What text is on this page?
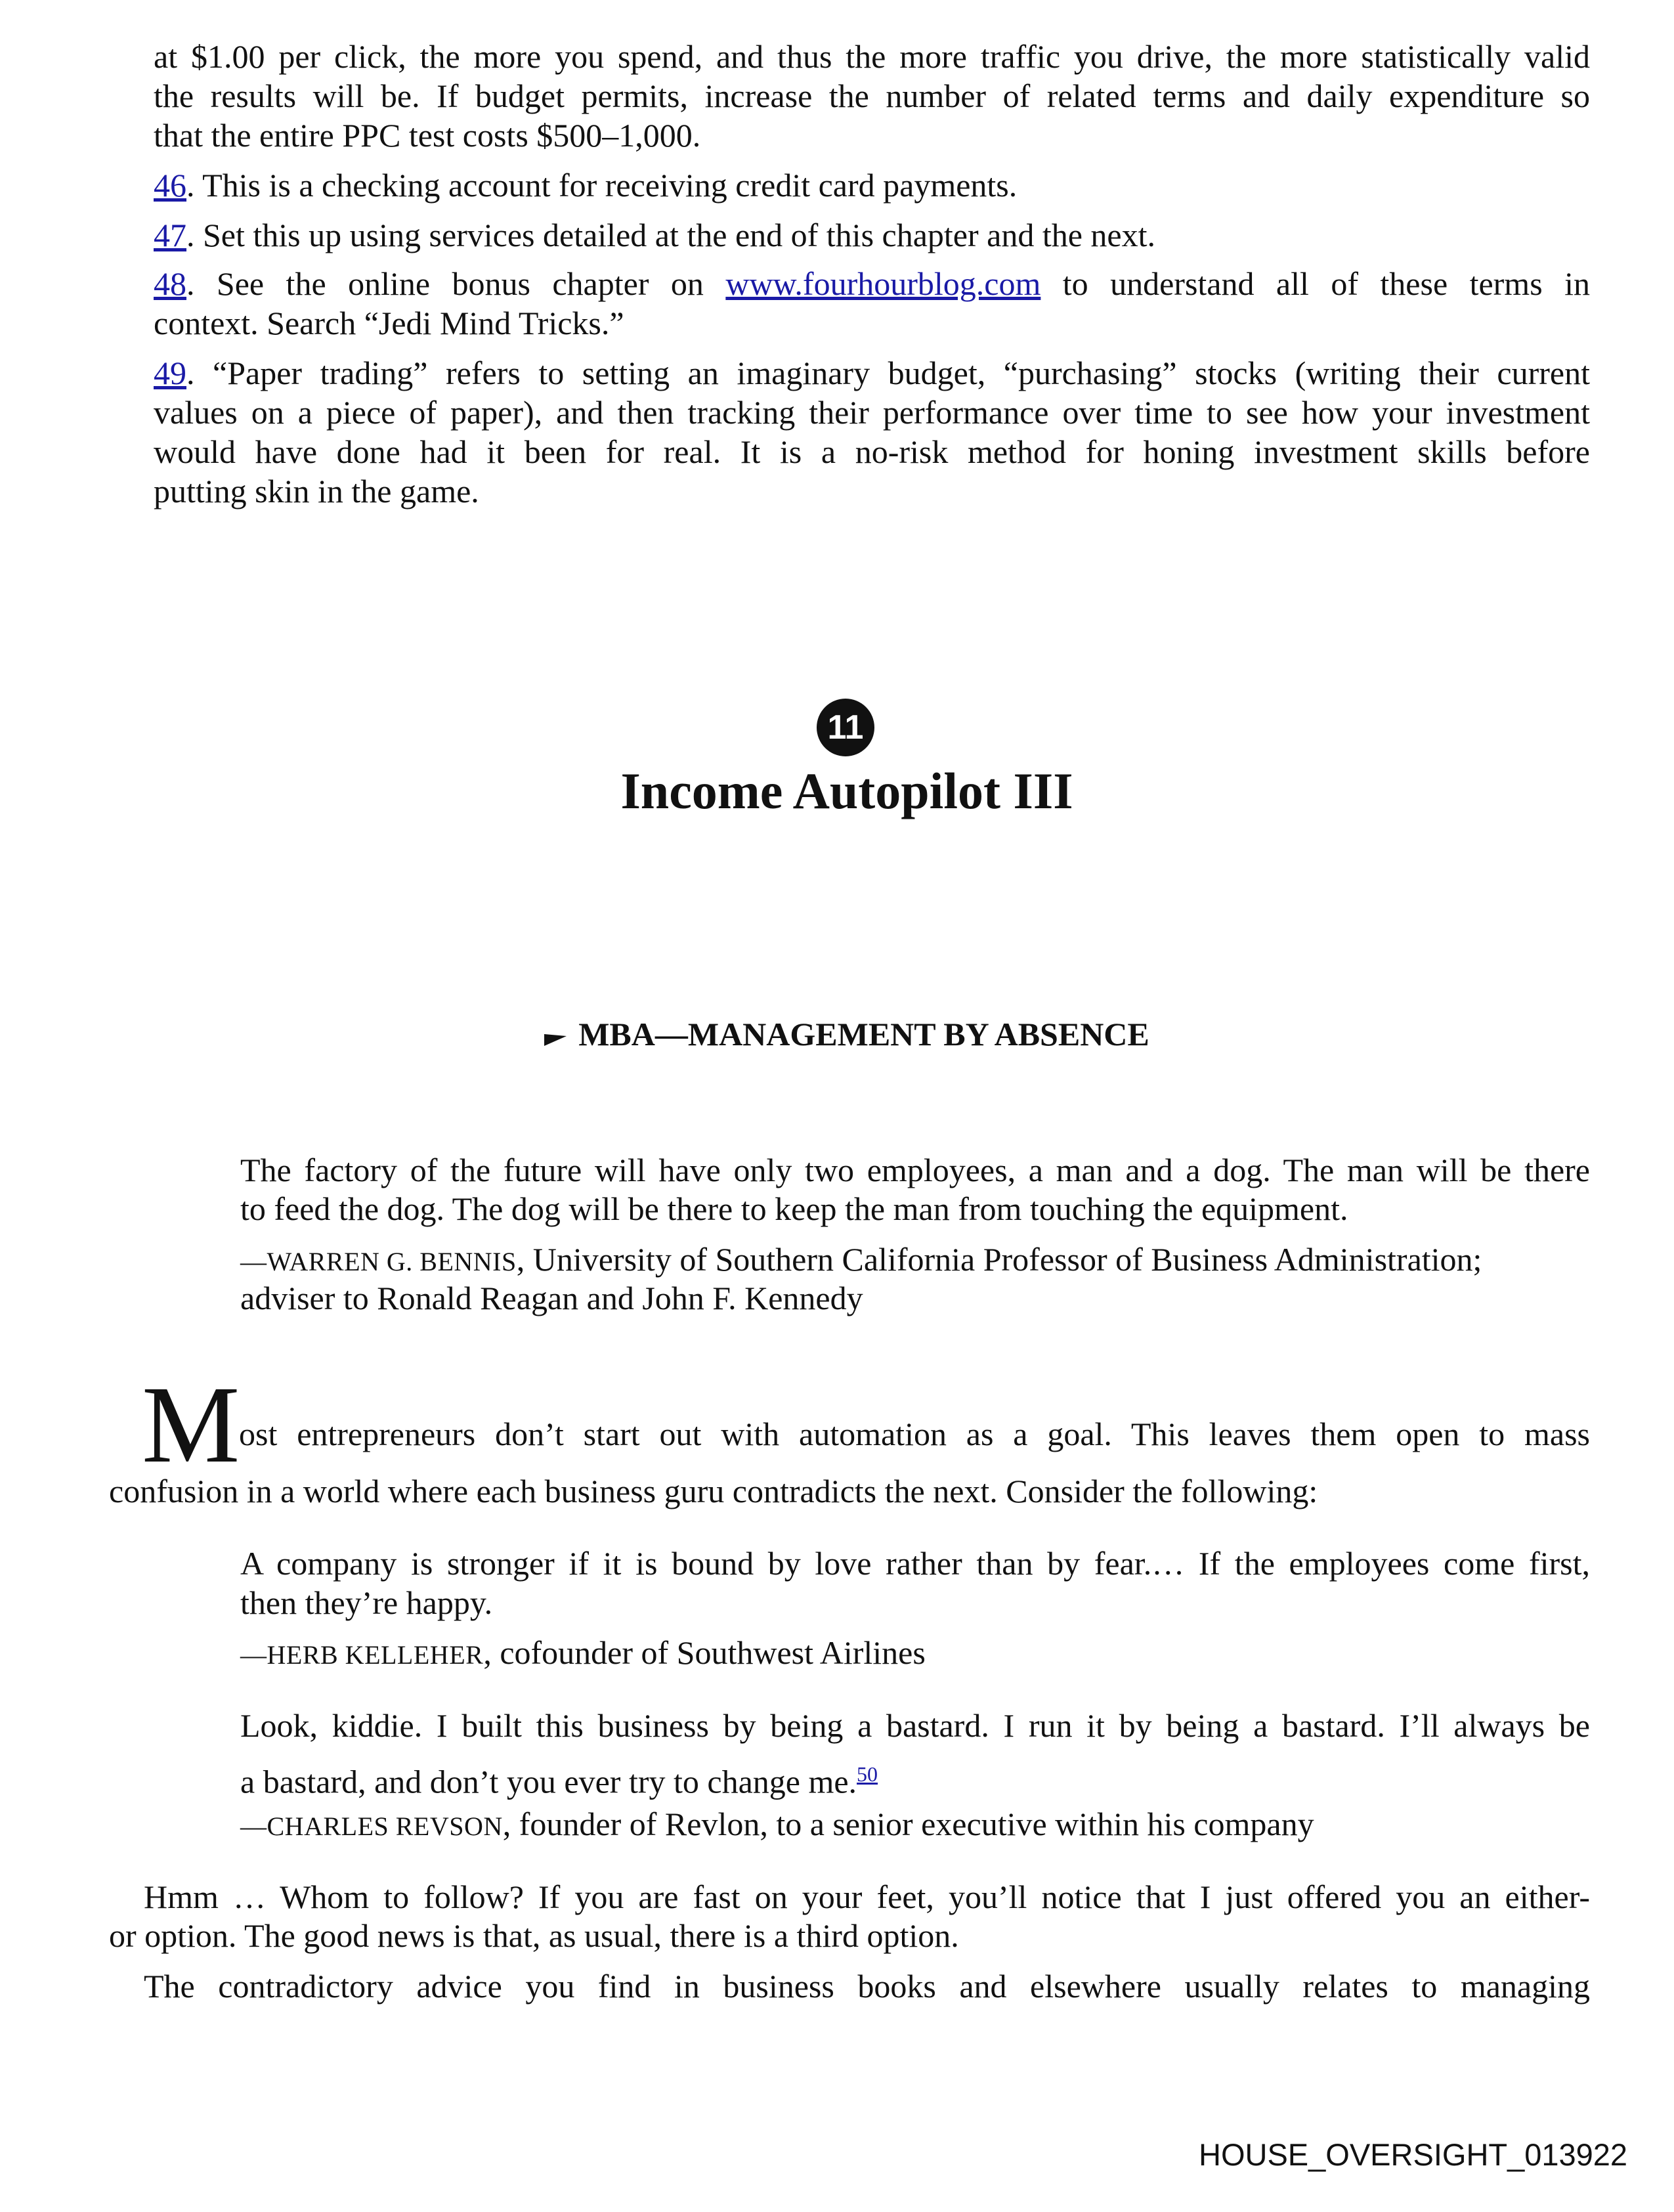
at $1.00 per click, the more you spend, and thus the more traffic you drive, the more statistically valid
the results will be. If budget permits, increase the number of related terms and daily expenditure so
that the entire PPC test costs $500–1,000.
46. This is a checking account for receiving credit card payments.
47. Set this up using services detailed at the end of this chapter and the next.
48. See the online bonus chapter on www.fourhourblog.com to understand all of these terms in
context. Search “Jedi Mind Tricks.”
49. “Paper trading” refers to setting an imaginary budget, “purchasing” stocks (writing their current
values on a piece of paper), and then tracking their performance over time to see how your investment
would have done had it been for real. It is a no-risk method for honing investment skills before
putting skin in the game.
11
Income Autopilot III
MBA—MANAGEMENT BY ABSENCE
The factory of the future will have only two employees, a man and a dog. The man will be there
to feed the dog. The dog will be there to keep the man from touching the equipment.
—WARREN G. BENNIS, University of Southern California Professor of Business Administration;
adviser to Ronald Reagan and John F. Kennedy
M
ost entrepreneurs don’t start out with automation as a goal. This leaves them open to mass
confusion in a world where each business guru contradicts the next. Consider the following:
A company is stronger if it is bound by love rather than by fear.… If the employees come first,
then they’re happy.
—HERB KELLEHER, cofounder of Southwest Airlines
Look, kiddie. I built this business by being a bastard. I run it by being a bastard. I’ll always be
a bastard, and don’t you ever try to change me.$^{50}$
—CHARLES REVSON, founder of Revlon, to a senior executive within his company
Hmm … Whom to follow? If you are fast on your feet, you’ll notice that I just offered you an either-
or option. The good news is that, as usual, there is a third option.
The contradictory advice you find in business books and elsewhere usually relates to managing
HOUSE_OVERSIGHT_013922
